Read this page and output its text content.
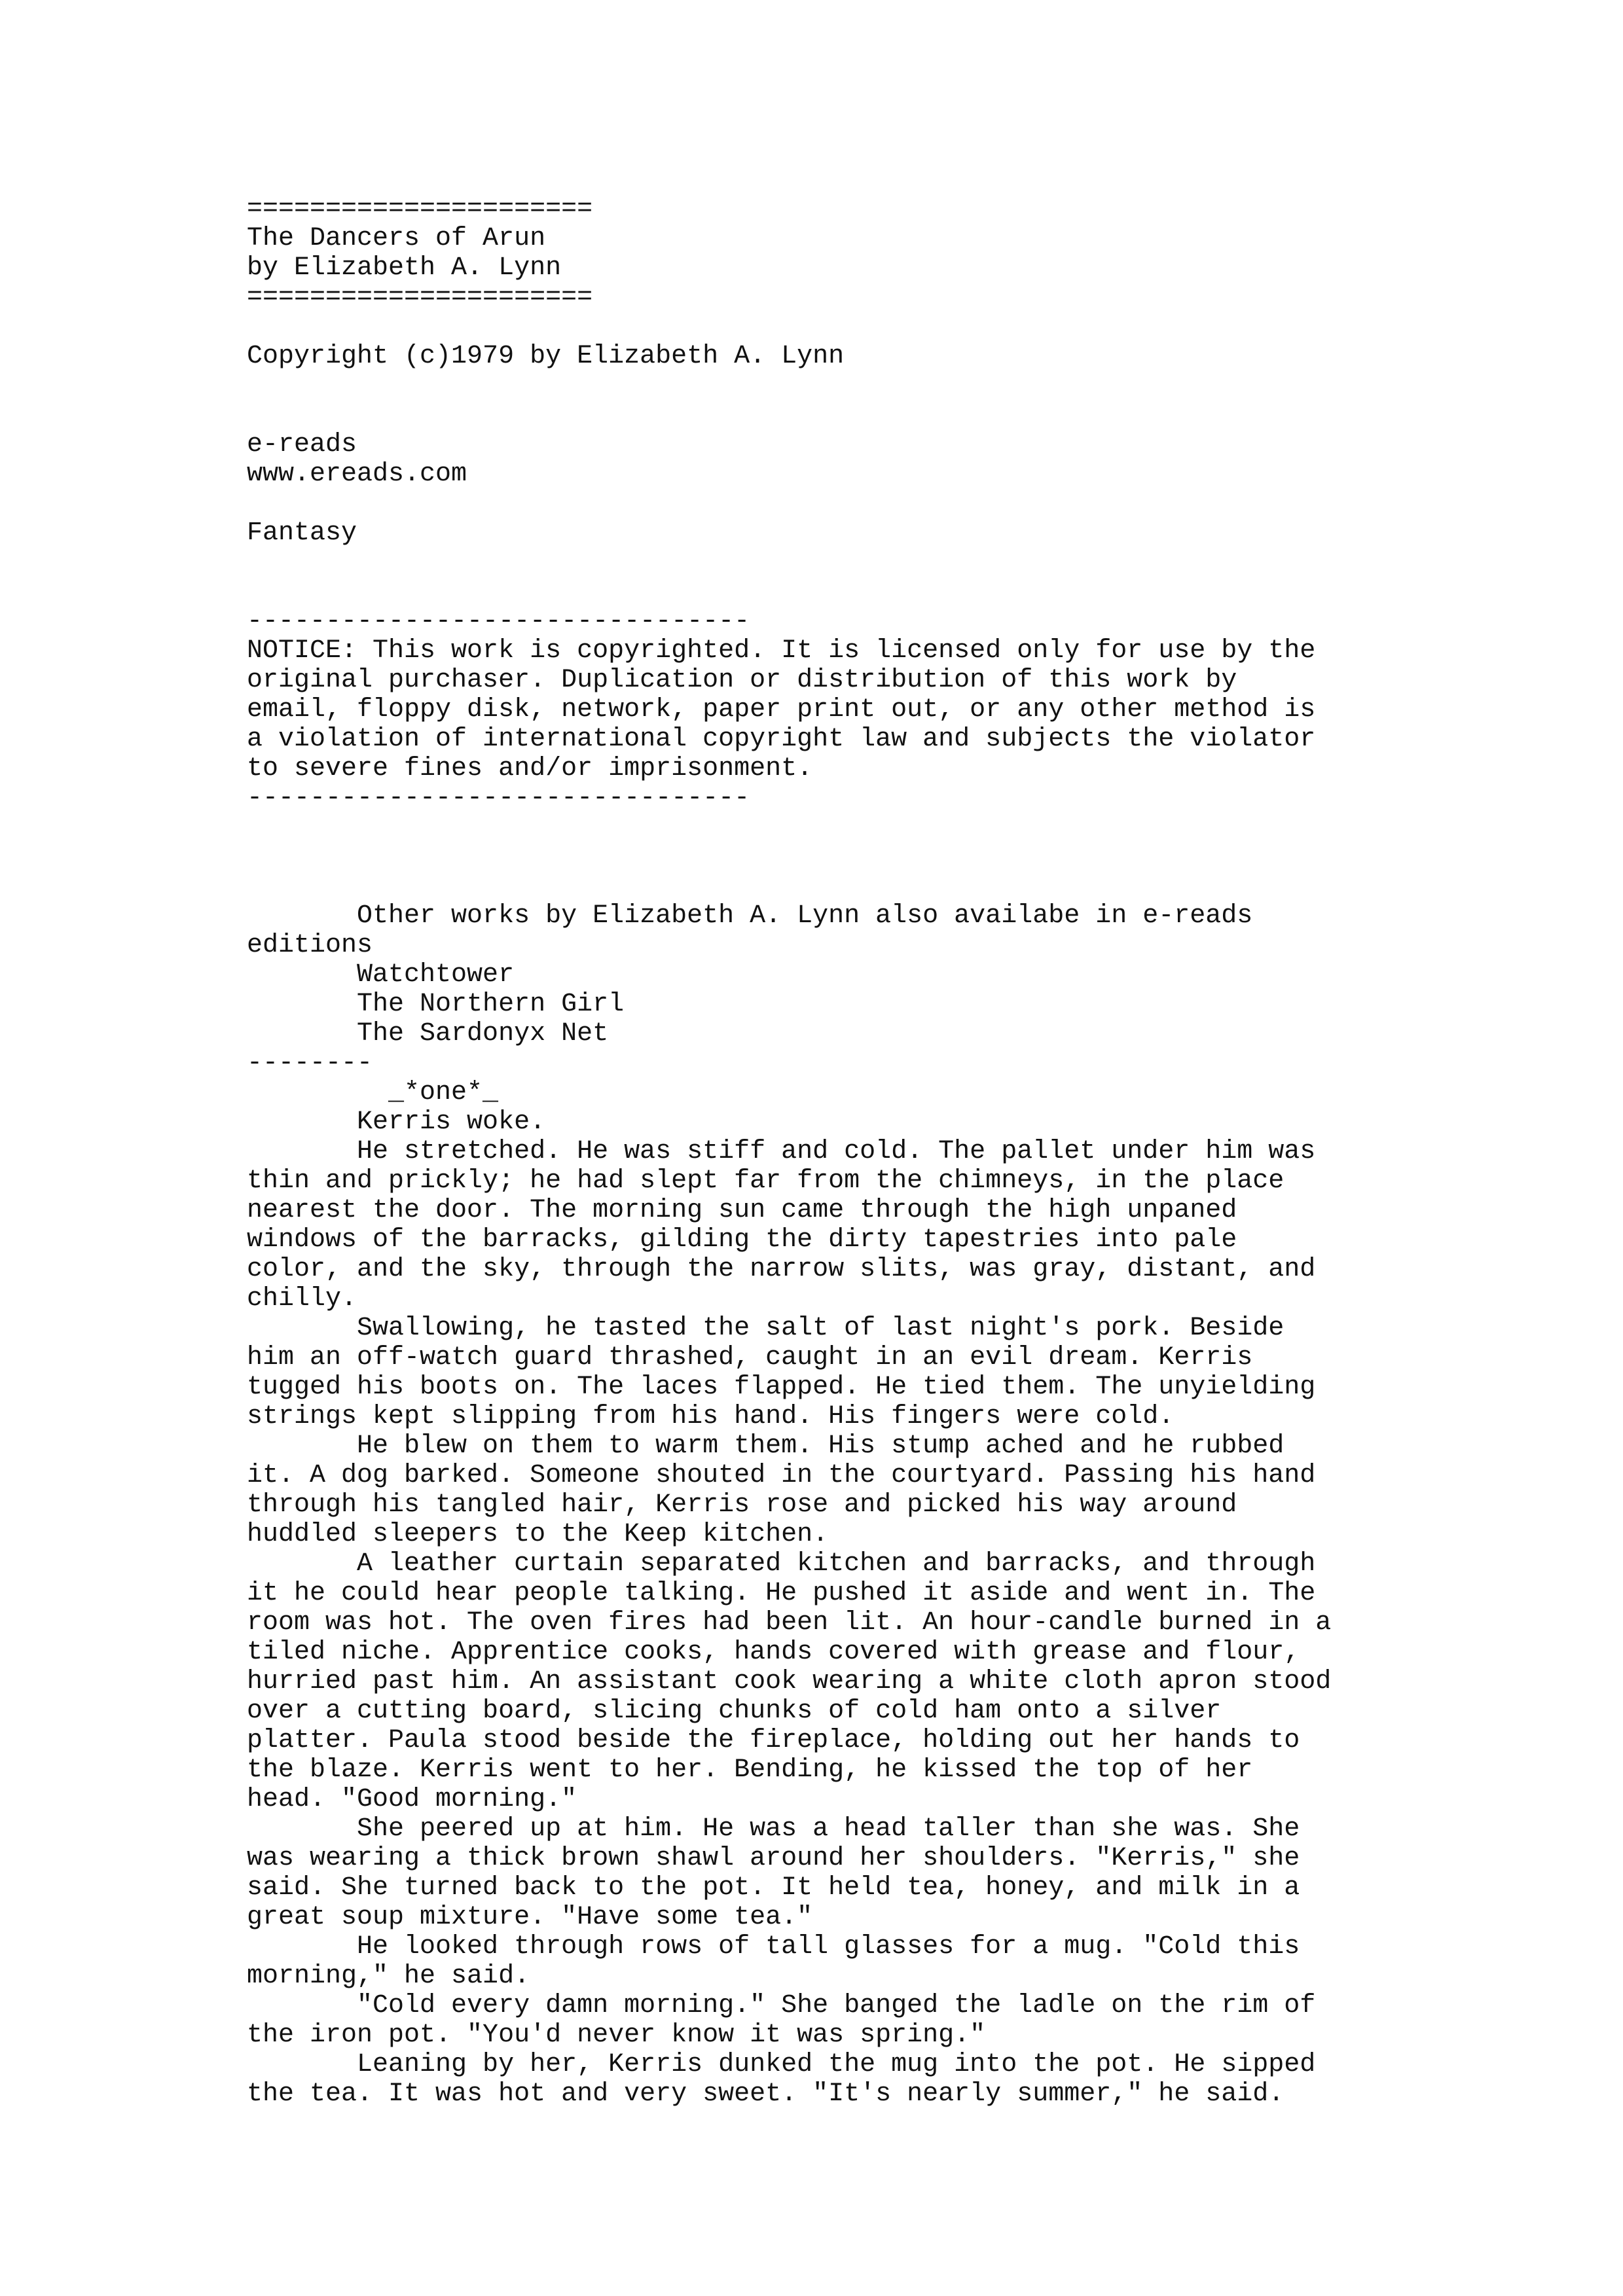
======================
The Dancers of Arun
by Elizabeth A. Lynn
======================
Copyright (c)1979 by Elizabeth A. Lynn
e-reads
www.ereads.com
Fantasy
--------------------------------
NOTICE: This work is copyrighted. It is licensed only for use by the
original purchaser. Duplication or distribution of this work by
email, floppy disk, network, paper print out, or any other method is
a violation of international copyright law and subjects the violator
to severe fines and/or imprisonment.
--------------------------------
Other works by Elizabeth A. Lynn also availabe in e-reads
editions
Watchtower
The Northern Girl
The Sardonyx Net
--------
_*one*_
Kerris woke.
He stretched. He was stiff and cold. The pallet under him was
thin and prickly; he had slept far from the chimneys, in the place
nearest the door. The morning sun came through the high unpaned
windows of the barracks, gilding the dirty tapestries into pale
color, and the sky, through the narrow slits, was gray, distant, and
chilly.
Swallowing, he tasted the salt of last night's pork. Beside
him an off-watch guard thrashed, caught in an evil dream. Kerris
tugged his boots on. The laces flapped. He tied them. The unyielding
strings kept slipping from his hand. His fingers were cold.
He blew on them to warm them. His stump ached and he rubbed
it. A dog barked. Someone shouted in the courtyard. Passing his hand
through his tangled hair, Kerris rose and picked his way around
huddled sleepers to the Keep kitchen.
A leather curtain separated kitchen and barracks, and through
it he could hear people talking. He pushed it aside and went in. The
room was hot. The oven fires had been lit. An hour-candle burned in a
tiled niche. Apprentice cooks, hands covered with grease and flour,
hurried past him. An assistant cook wearing a white cloth apron stood
over a cutting board, slicing chunks of cold ham onto a silver
platter. Paula stood beside the fireplace, holding out her hands to
the blaze. Kerris went to her. Bending, he kissed the top of her
head. "Good morning."
She peered up at him. He was a head taller than she was. She
was wearing a thick brown shawl around her shoulders. "Kerris," she
said. She turned back to the pot. It held tea, honey, and milk in a
great soup mixture. "Have some tea."
He looked through rows of tall glasses for a mug. "Cold this
morning," he said.
"Cold every damn morning." She banged the ladle on the rim of
the iron pot. "You'd never know it was spring."
Leaning by her, Kerris dunked the mug into the pot. He sipped
the tea. It was hot and very sweet. "It's nearly summer," he said.
